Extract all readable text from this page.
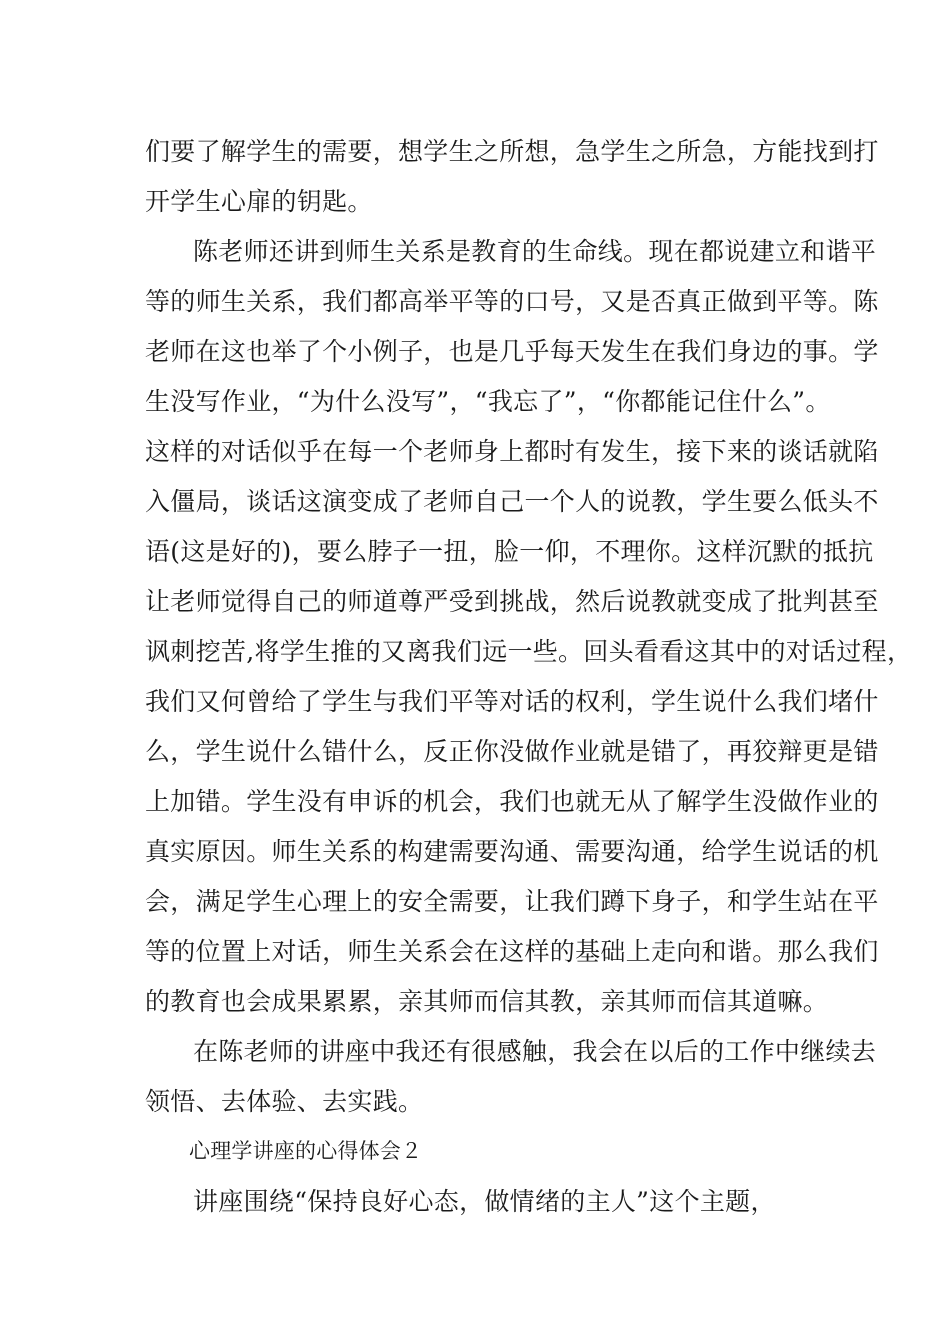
们要了解学生的需要，想学生之所想，急学生之所急，方能找到打
开学生心扉的钥匙。
陈老师还讲到师生关系是教育的生命线。现在都说建立和谐平
等的师生关系，我们都高举平等的口号，又是否真正做到平等。陈
老师在这也举了个小例子，也是几乎每天发生在我们身边的事。学
生没写作业，“为什么没写”，“我忘了”，“你都能记住什么”。
这样的对话似乎在每一个老师身上都时有发生，接下来的谈话就陷
入僵局，谈话这演变成了老师自己一个人的说教，学生要么低头不
语(这是好的)，要么脖子一扭，脸一仰，不理你。这样沉默的抵抗
让老师觉得自己的师道尊严受到挑战，然后说教就变成了批判甚至
讽刺挖苦,将学生推的又离我们远一些。回头看看这其中的对话过程，
我们又何曾给了学生与我们平等对话的权利，学生说什么我们堵什
么，学生说什么错什么，反正你没做作业就是错了，再狡辩更是错
上加错。学生没有申诉的机会，我们也就无从了解学生没做作业的
真实原因。师生关系的构建需要沟通、需要沟通，给学生说话的机
会，满足学生心理上的安全需要，让我们蹲下身子，和学生站在平
等的位置上对话，师生关系会在这样的基础上走向和谐。那么我们
的教育也会成果累累，亲其师而信其教，亲其师而信其道嘛。
在陈老师的讲座中我还有很感触，我会在以后的工作中继续去
领悟、去体验、去实践。
心理学讲座的心得体会２
讲座围绕“保持良好心态，做情绪的主人”这个主题，
